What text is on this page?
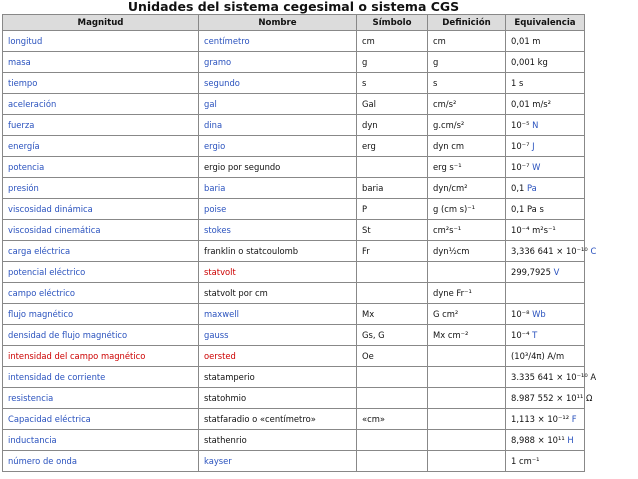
Unidades del sistema cegesimal o sistema CGS
Magnitud	Nombre	Símbolo	Definición	Equivalencia
longitud	centímetro	cm	cm	0,01 m
masa	gramo	g	g	0,001 kg
tiempo	segundo	s	s	1 s
aceleración	gal	Gal	cm/s²	0,01 m/s²
fuerza	dina	dyn	g.cm/s²	10⁻⁵ N
energía	ergio	erg	dyn cm	10⁻⁷ J
potencia	ergio por segundo		erg s⁻¹	10⁻⁷ W
presión	baria	baria	dyn/cm²	0,1 Pa
viscosidad dinámica	poise	P	g (cm s)⁻¹	0,1 Pa s
viscosidad cinemática	stokes	St	cm²s⁻¹	10⁻⁴ m²s⁻¹
carga eléctrica	franklin o statcoulomb	Fr	dyn½cm	3,336 641 × 10⁻¹⁰ C
potencial eléctrico	statvolt			299,7925 V
campo eléctrico	statvolt por cm		dyne Fr⁻¹	
flujo magnético	maxwell	Mx	G cm²	10⁻⁸ Wb
densidad de flujo magnético	gauss	Gs, G	Mx cm⁻²	10⁻⁴ T
intensidad del campo magnético	oersted	Oe		(10³/4π) A/m
intensidad de corriente	statamperio			3.335 641 × 10⁻¹⁰ A
resistencia	statohmio			8.987 552 × 10¹¹ Ω
Capacidad eléctrica	statfaradio o «centímetro»	«cm»		1,113 × 10⁻¹² F
inductancia	stathenrio			8,988 × 10¹¹ H
número de onda	kayser			1 cm⁻¹
